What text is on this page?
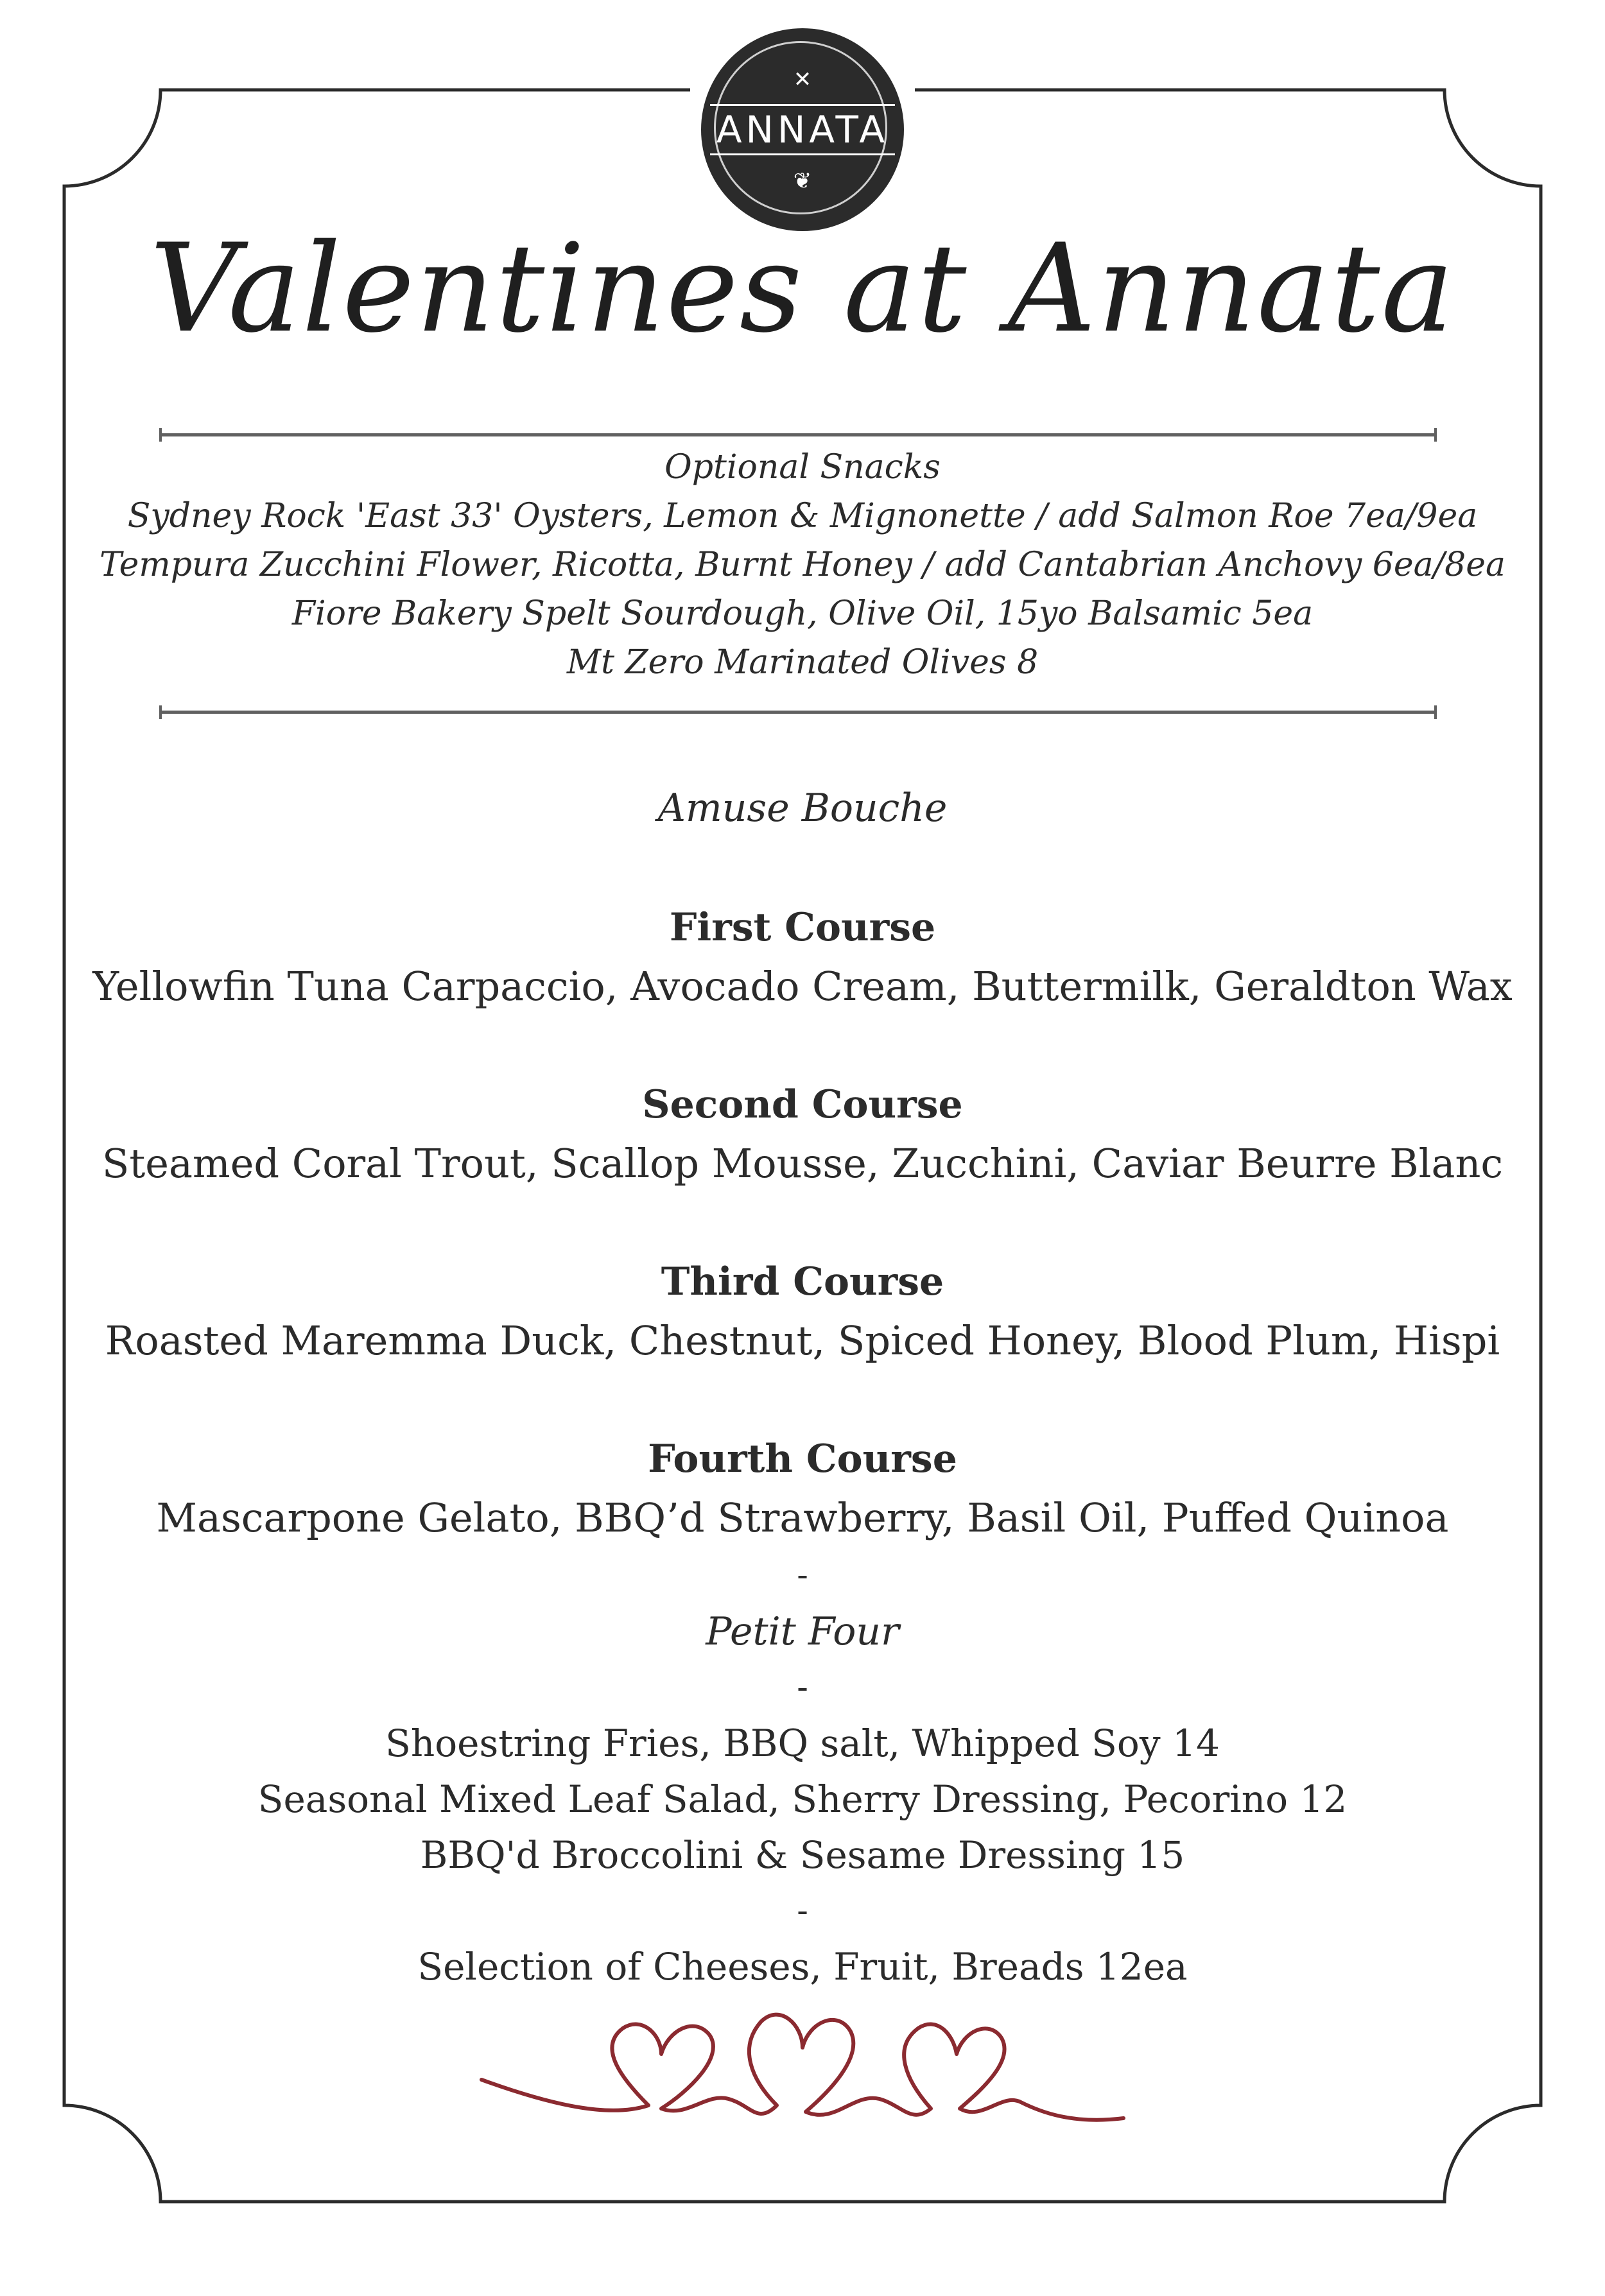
✕
ANNATA
❦
Valentines at Annata
Optional Snacks
Sydney Rock 'East 33' Oysters, Lemon & Mignonette / add Salmon Roe 7ea/9ea
Tempura Zucchini Flower, Ricotta, Burnt Honey / add Cantabrian Anchovy 6ea/8ea
Fiore Bakery Spelt Sourdough, Olive Oil, 15yo Balsamic 5ea
Mt Zero Marinated Olives 8
Amuse Bouche
First Course
Yellowfin Tuna Carpaccio, Avocado Cream, Buttermilk, Geraldton Wax
Second Course
Steamed Coral Trout, Scallop Mousse, Zucchini, Caviar Beurre Blanc
Third Course
Roasted Maremma Duck, Chestnut, Spiced Honey, Blood Plum, Hispi
Fourth Course
Mascarpone Gelato, BBQ’d Strawberry, Basil Oil, Puffed Quinoa
-
Petit Four
-
Shoestring Fries, BBQ salt, Whipped Soy 14
Seasonal Mixed Leaf Salad, Sherry Dressing, Pecorino 12
BBQ'd Broccolini & Sesame Dressing 15
-
Selection of Cheeses, Fruit, Breads 12ea
